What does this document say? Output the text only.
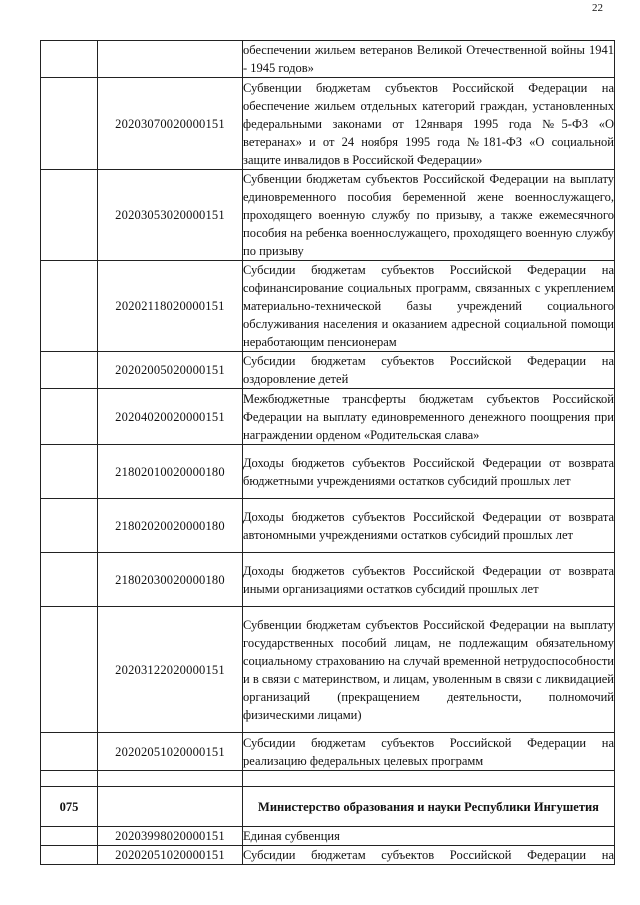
22
		обеспечении жильем ветеранов Великой Отечественной войны 1941 - 1945 годов»
	20203070020000151	Субвенции бюджетам субъектов Российской Федерации на обеспечение жильем отдельных категорий граждан, установленных федеральными законами от 12января 1995 года №5-ФЗ «О ветеранах» и от 24 ноября 1995 года №181-ФЗ «О социальной защите инвалидов в Российской Федерации»
	20203053020000151	Субвенции бюджетам субъектов Российской Федерации на выплату единовременного пособия беременной жене военнослужащего, проходящего военную службу по призыву, а также ежемесячного пособия на ребенка военнослужащего, проходящего военную службу по призыву
	20202118020000151	Субсидии бюджетам субъектов Российской Федерации на софинансирование социальных программ, связанных с укреплением материально-технической базы учреждений социального обслуживания населения и оказанием адресной социальной помощи неработающим пенсионерам
	20202005020000151	Субсидии бюджетам субъектов Российской Федерации на оздоровление детей
	20204020020000151	Межбюджетные трансферты бюджетам субъектов Российской Федерации на выплату единовременного денежного поощрения при награждении орденом «Родительская слава»
	21802010020000180	Доходы бюджетов субъектов Российской Федерации от возврата бюджетными учреждениями остатков субсидий прошлых лет
	21802020020000180	Доходы бюджетов субъектов Российской Федерации от возврата автономными учреждениями остатков субсидий прошлых лет
	21802030020000180	Доходы бюджетов субъектов Российской Федерации от возврата иными организациями остатков субсидий прошлых лет
	20203122020000151	Субвенции бюджетам субъектов Российской Федерации на выплату государственных пособий лицам, не подлежащим обязательному социальному страхованию на случай временной нетрудоспособности и в связи с материнством, и лицам, уволенным в связи с ликвидацией организаций (прекращением деятельности, полномочий физическими лицами)
	20202051020000151	Субсидии бюджетам субъектов Российской Федерации на реализацию федеральных целевых программ

075		Министерство образования и науки Республики Ингушетия
	20203998020000151	Единая субвенция
	20202051020000151	Субсидии бюджетам субъектов Российской Федерации на
